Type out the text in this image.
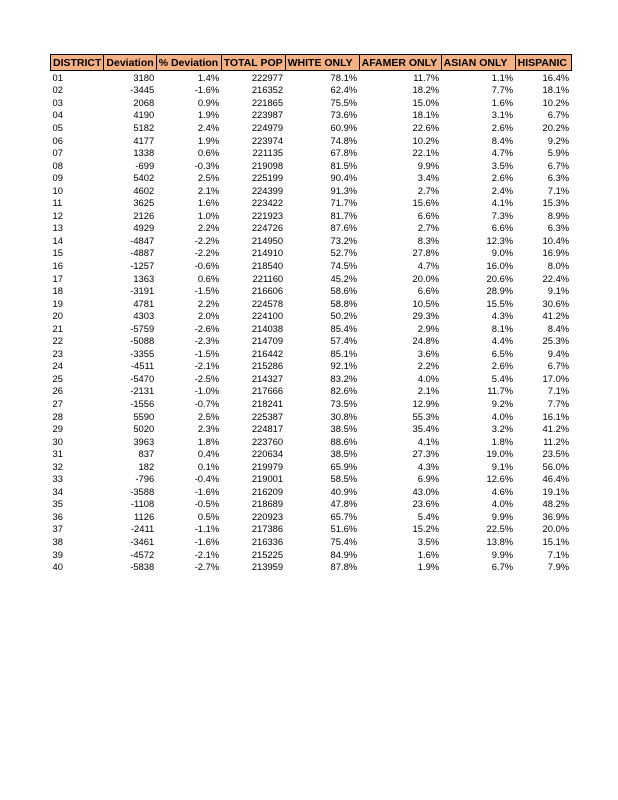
DISTRICT	Deviation	% Deviation	TOTAL POP	WHITE ONLY	AFAMER ONLY	ASIAN ONLY	HISPANIC
01	3180	1.4%	222977	78.1%	11.7%	1.1%	16.4%
02	-3445	-1.6%	216352	62.4%	18.2%	7.7%	18.1%
03	2068	0.9%	221865	75.5%	15.0%	1.6%	10.2%
04	4190	1.9%	223987	73.6%	18.1%	3.1%	6.7%
05	5182	2.4%	224979	60.9%	22.6%	2.6%	20.2%
06	4177	1.9%	223974	74.8%	10.2%	8.4%	9.2%
07	1338	0.6%	221135	67.8%	22.1%	4.7%	5.9%
08	-699	-0.3%	219098	81.5%	9.9%	3.5%	6.7%
09	5402	2.5%	225199	90.4%	3.4%	2.6%	6.3%
10	4602	2.1%	224399	91.3%	2.7%	2.4%	7.1%
11	3625	1.6%	223422	71.7%	15.6%	4.1%	15.3%
12	2126	1.0%	221923	81.7%	6.6%	7.3%	8.9%
13	4929	2.2%	224726	87.6%	2.7%	6.6%	6.3%
14	-4847	-2.2%	214950	73.2%	8.3%	12.3%	10.4%
15	-4887	-2.2%	214910	52.7%	27.8%	9.0%	16.9%
16	-1257	-0.6%	218540	74.5%	4.7%	16.0%	8.0%
17	1363	0.6%	221160	45.2%	20.0%	20.6%	22.4%
18	-3191	-1.5%	216606	58.6%	6.6%	28.9%	9.1%
19	4781	2.2%	224578	58.8%	10.5%	15.5%	30.6%
20	4303	2.0%	224100	50.2%	29.3%	4.3%	41.2%
21	-5759	-2.6%	214038	85.4%	2.9%	8.1%	8.4%
22	-5088	-2.3%	214709	57.4%	24.8%	4.4%	25.3%
23	-3355	-1.5%	216442	85.1%	3.6%	6.5%	9.4%
24	-4511	-2.1%	215286	92.1%	2.2%	2.6%	6.7%
25	-5470	-2.5%	214327	83.2%	4.0%	5.4%	17.0%
26	-2131	-1.0%	217666	82.6%	2.1%	11.7%	7.1%
27	-1556	-0.7%	218241	73.5%	12.9%	9.2%	7.7%
28	5590	2.5%	225387	30.8%	55.3%	4.0%	16.1%
29	5020	2.3%	224817	38.5%	35.4%	3.2%	41.2%
30	3963	1.8%	223760	88.6%	4.1%	1.8%	11.2%
31	837	0.4%	220634	38.5%	27.3%	19.0%	23.5%
32	182	0.1%	219979	65.9%	4.3%	9.1%	56.0%
33	-796	-0.4%	219001	58.5%	6.9%	12.6%	46.4%
34	-3588	-1.6%	216209	40.9%	43.0%	4.6%	19.1%
35	-1108	-0.5%	218689	47.8%	23.6%	4.0%	48.2%
36	1126	0.5%	220923	65.7%	5.4%	9.9%	36.9%
37	-2411	-1.1%	217386	51.6%	15.2%	22.5%	20.0%
38	-3461	-1.6%	216336	75.4%	3.5%	13.8%	15.1%
39	-4572	-2.1%	215225	84.9%	1.6%	9.9%	7.1%
40	-5838	-2.7%	213959	87.8%	1.9%	6.7%	7.9%
